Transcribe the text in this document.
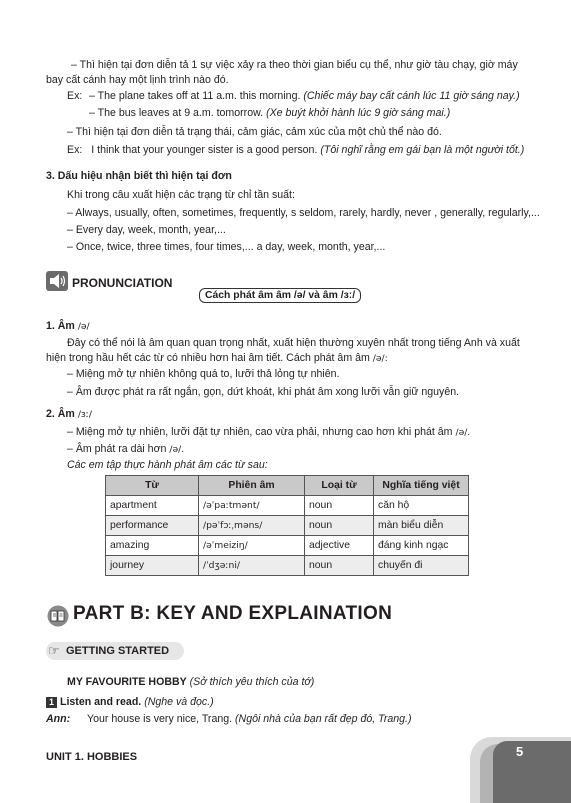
– Thì hiện tại đơn diễn tả 1 sự việc xảy ra theo thời gian biểu cụ thể, như giờ tàu chạy, giờ máy
bay cất cánh hay một lịnh trình nào đó.
Ex: – The plane takes off at 11 a.m. this morning. (Chiếc máy bay cất cánh lúc 11 giờ sáng nay.)
– The bus leaves at 9 a.m. tomorrow. (Xe buýt khởi hành lúc 9 giờ sáng mai.)
– Thì hiện tại đơn diễn tả trạng thái, cảm giác, cảm xúc của một chủ thể nào đó.
Ex: I think that your younger sister is a good person. (Tôi nghĩ rằng em gái bạn là một người tốt.)
3. Dấu hiệu nhận biết thì hiện tại đơn
Khi trong câu xuất hiện các trạng từ chỉ tần suất:
– Always, usually, often, sometimes, frequently, s seldom, rarely, hardly, never , generally, regularly,...
– Every day, week, month, year,...
– Once, twice, three times, four times,... a day, week, month, year,...
PRONUNCIATION
Cách phát âm âm /ə/ và âm /ɜː/
1. Âm /ə/
Đây có thể nói là âm quan quan trọng nhất, xuất hiện thường xuyên nhất trong tiếng Anh và xuất
hiện trong hầu hết các từ có nhiều hơn hai âm tiết. Cách phát âm âm /ə/:
– Miệng mở tự nhiên không quá to, lưỡi thả lỏng tự nhiên.
– Âm được phát ra rất ngắn, gọn, dứt khoát, khi phát âm xong lưỡi vẫn giữ nguyên.
2. Âm /ɜː/
– Miệng mở tự nhiên, lưỡi đặt tự nhiên, cao vừa phải, nhưng cao hơn khi phát âm /ə/.
– Âm phát ra dài hơn /ə/.
Các em tập thực hành phát âm các từ sau:
Từ	Phiên âm	Loại từ	Nghĩa tiếng việt
apartment	/əˈpaːtmənt/	noun	căn hộ
performance	/pəˈfɔːˌməns/	noun	màn biểu diễn
amazing	/əˈmeiziŋ/	adjective	đáng kinh ngạc
journey	/ˈdʒəːni/	noun	chuyến đi
PART B: KEY AND EXPLAINATION
☞ GETTING STARTED
MY FAVOURITE HOBBY (Sở thích yêu thích của tớ)
1 Listen and read. (Nghe và đọc.)
Ann: Your house is very nice, Trang. (Ngôi nhà của bạn rất đẹp đó, Trang.)
UNIT 1. HOBBIES	5
